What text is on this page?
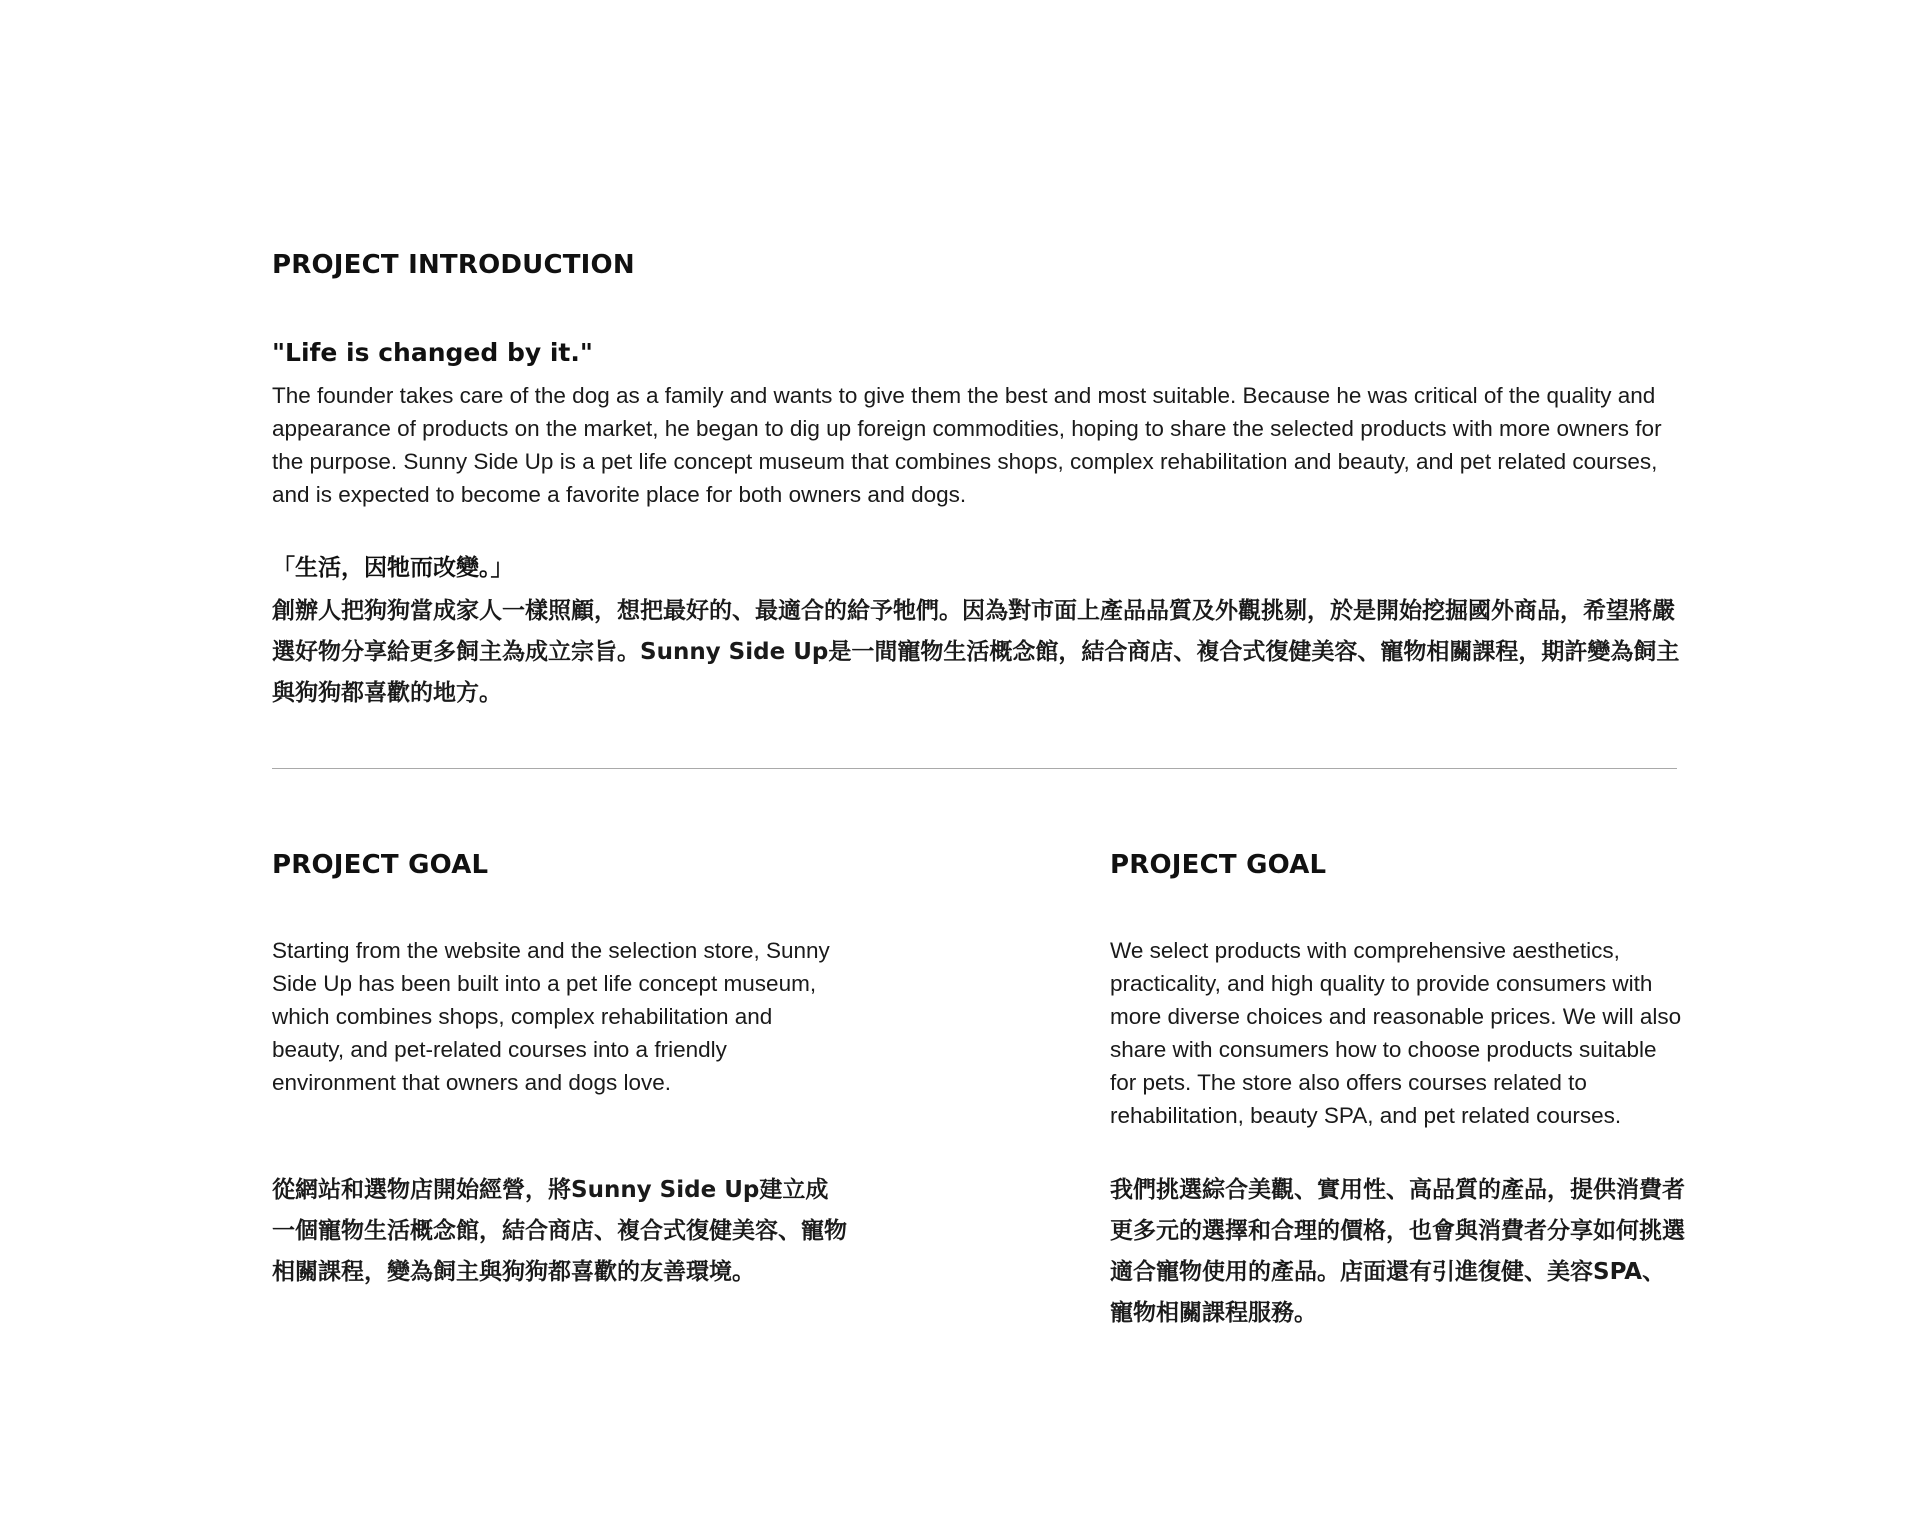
PROJECT INTRODUCTION
"Life is changed by it."

The founder takes care of the dog as a family and wants to give them the best and most suitable. Because he was critical of the quality and appearance of products on the market, he began to dig up foreign commodities, hoping to share the selected products with more owners for the purpose. Sunny Side Up is a pet life concept museum that combines shops, complex rehabilitation and beauty, and pet related courses, and is expected to become a favorite place for both owners and dogs.

「生活，因牠而改變。」

創辦人把狗狗當成家人一樣照顧，想把最好的、最適合的給予牠們。因為對市面上產品品質及外觀挑剔，於是開始挖掘國外商品，希望將嚴選好物分享給更多飼主為成立宗旨。Sunny Side Up是一間寵物生活概念館，結合商店、複合式復健美容、寵物相關課程，期許變為飼主與狗狗都喜歡的地方。

PROJECT GOAL

Starting from the website and the selection store, Sunny Side Up has been built into a pet life concept museum, which combines shops, complex rehabilitation and beauty, and pet-related courses into a friendly environment that owners and dogs love.

從網站和選物店開始經營，將Sunny Side Up建立成一個寵物生活概念館，結合商店、複合式復健美容、寵物相關課程，變為飼主與狗狗都喜歡的友善環境。

PROJECT GOAL

We select products with comprehensive aesthetics, practicality, and high quality to provide consumers with more diverse choices and reasonable prices. We will also share with consumers how to choose products suitable for pets. The store also offers courses related to rehabilitation, beauty SPA, and pet related courses.

我們挑選綜合美觀、實用性、高品質的產品，提供消費者更多元的選擇和合理的價格，也會與消費者分享如何挑選適合寵物使用的產品。店面還有引進復健、美容SPA、寵物相關課程服務。
